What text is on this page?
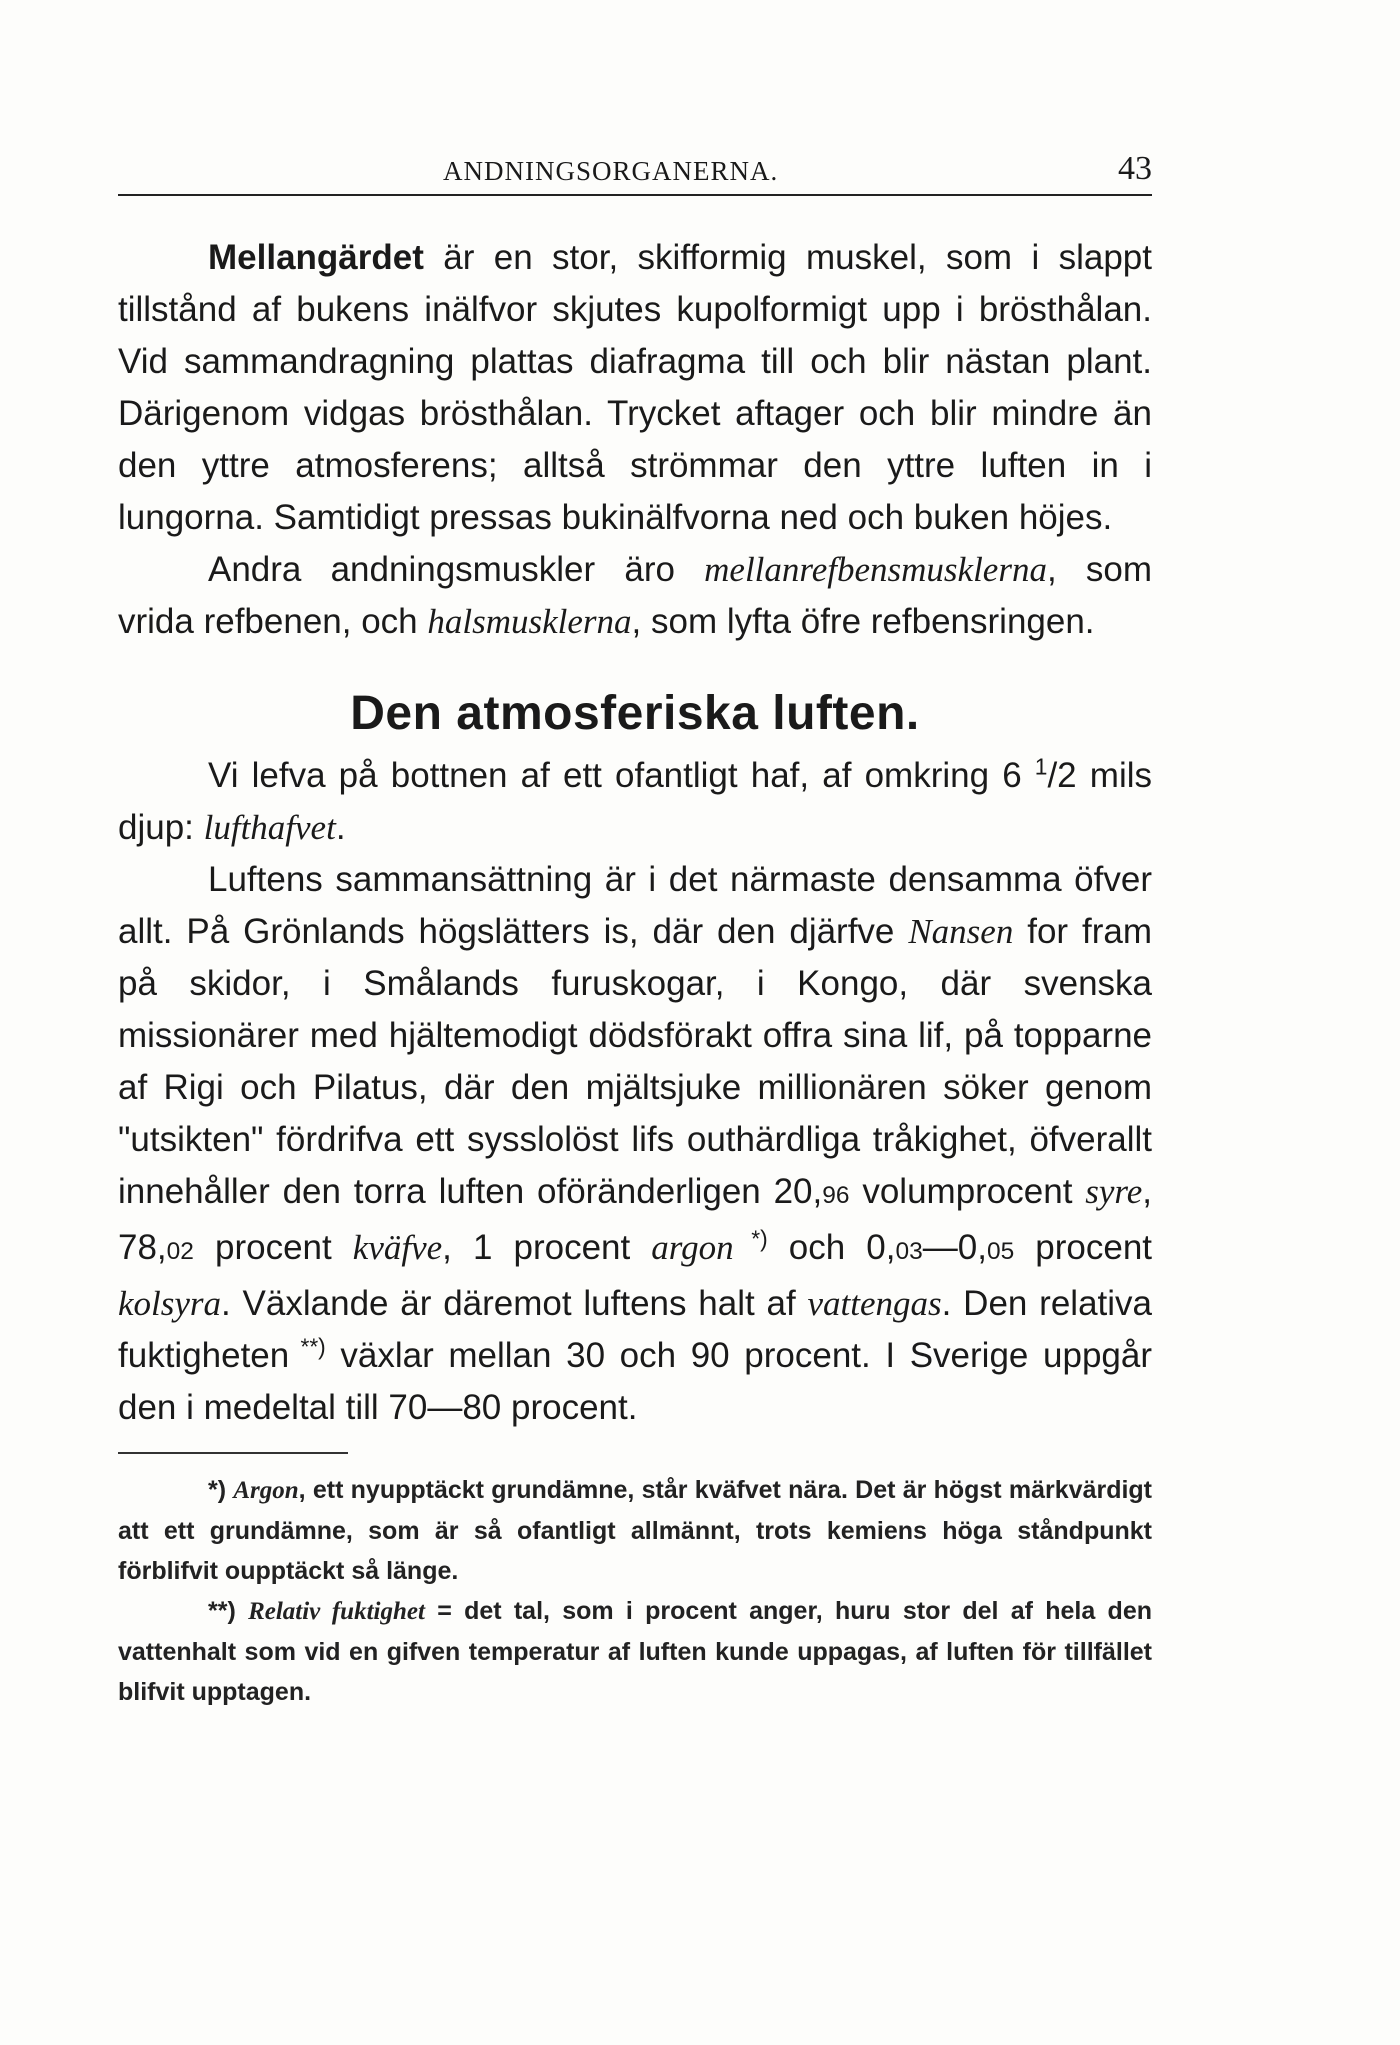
ANDNINGSORGANERNA.	43

Mellangärdet är en stor, skifformig muskel, som i slappt tillstånd af bukens inälfvor skjutes kupolformigt upp i brösthålan. Vid sammandragning plattas diafragma till och blir nästan plant. Därigenom vidgas brösthålan. Trycket aftager och blir mindre än den yttre atmosferens; alltså strömmar den yttre luften in i lungorna. Samtidigt pressas bukinälfvorna ned och buken höjes.

Andra andningsmuskler äro mellanrefbensmusklerna, som vrida refbenen, och halsmusklerna, som lyfta öfre refbensringen.

Den atmosferiska luften.

Vi lefva på bottnen af ett ofantligt haf, af omkring 6 $^1$/2 mils djup: lufthafvet.

Luftens sammansättning är i det närmaste densamma öfver allt. På Grönlands högslätters is, där den djärfve Nansen for fram på skidor, i Smålands furuskogar, i Kongo, där svenska missionärer med hjältemodigt dödsförakt offra sina lif, på topparne af Rigi och Pilatus, där den mjältsjuke millionären söker genom "utsikten" fördrifva ett sysslolöst lifs outhärdliga tråkighet, öfverallt innehåller den torra luften oföränderligen 20,96 volumprocent syre, 78,02 procent kväfve, 1 procent argon *) och 0,03—0,05 procent kolsyra. Växlande är däremot luftens halt af vattengas. Den relativa fuktigheten **) växlar mellan 30 och 90 procent. I Sverige uppgår den i medeltal till 70—80 procent.

*) Argon, ett nyupptäckt grundämne, står kväfvet nära. Det är högst märkvärdigt att ett grundämne, som är så ofantligt allmännt, trots kemiens höga ståndpunkt förblifvit oupptäckt så länge.

**) Relativ fuktighet = det tal, som i procent anger, huru stor del af hela den vattenhalt som vid en gifven temperatur af luften kunde uppagas, af luften för tillfället blifvit upptagen.
